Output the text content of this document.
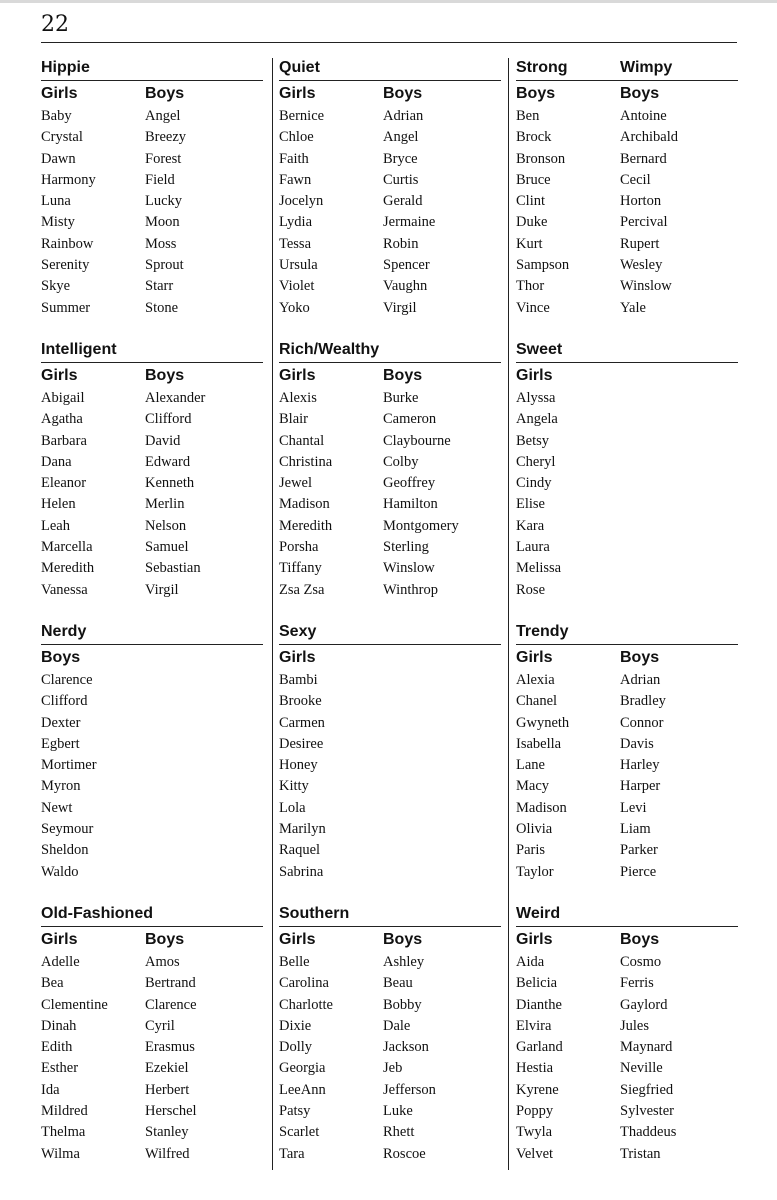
22
Hippie
Girls
Baby
Crystal
Dawn
Harmony
Luna
Misty
Rainbow
Serenity
Skye
Summer
Boys
Angel
Breezy
Forest
Field
Lucky
Moon
Moss
Sprout
Starr
Stone
Quiet
Girls
Bernice
Chloe
Faith
Fawn
Jocelyn
Lydia
Tessa
Ursula
Violet
Yoko
Boys
Adrian
Angel
Bryce
Curtis
Gerald
Jermaine
Robin
Spencer
Vaughn
Virgil
Strong
Boys
Ben
Brock
Bronson
Bruce
Clint
Duke
Kurt
Sampson
Thor
Vince
Wimpy
Boys
Antoine
Archibald
Bernard
Cecil
Horton
Percival
Rupert
Wesley
Winslow
Yale
Intelligent
Girls
Abigail
Agatha
Barbara
Dana
Eleanor
Helen
Leah
Marcella
Meredith
Vanessa
Boys
Alexander
Clifford
David
Edward
Kenneth
Merlin
Nelson
Samuel
Sebastian
Virgil
Rich/Wealthy
Girls
Alexis
Blair
Chantal
Christina
Jewel
Madison
Meredith
Porsha
Tiffany
Zsa Zsa
Boys
Burke
Cameron
Claybourne
Colby
Geoffrey
Hamilton
Montgomery
Sterling
Winslow
Winthrop
Sweet
Girls
Alyssa
Angela
Betsy
Cheryl
Cindy
Elise
Kara
Laura
Melissa
Rose
Nerdy
Boys
Clarence
Clifford
Dexter
Egbert
Mortimer
Myron
Newt
Seymour
Sheldon
Waldo
Sexy
Girls
Bambi
Brooke
Carmen
Desiree
Honey
Kitty
Lola
Marilyn
Raquel
Sabrina
Trendy
Girls
Alexia
Chanel
Gwyneth
Isabella
Lane
Macy
Madison
Olivia
Paris
Taylor
Boys
Adrian
Bradley
Connor
Davis
Harley
Harper
Levi
Liam
Parker
Pierce
Old-Fashioned
Girls
Adelle
Bea
Clementine
Dinah
Edith
Esther
Ida
Mildred
Thelma
Wilma
Boys
Amos
Bertrand
Clarence
Cyril
Erasmus
Ezekiel
Herbert
Herschel
Stanley
Wilfred
Southern
Girls
Belle
Carolina
Charlotte
Dixie
Dolly
Georgia
LeeAnn
Patsy
Scarlet
Tara
Boys
Ashley
Beau
Bobby
Dale
Jackson
Jeb
Jefferson
Luke
Rhett
Roscoe
Weird
Girls
Aida
Belicia
Dianthe
Elvira
Garland
Hestia
Kyrene
Poppy
Twyla
Velvet
Boys
Cosmo
Ferris
Gaylord
Jules
Maynard
Neville
Siegfried
Sylvester
Thaddeus
Tristan
